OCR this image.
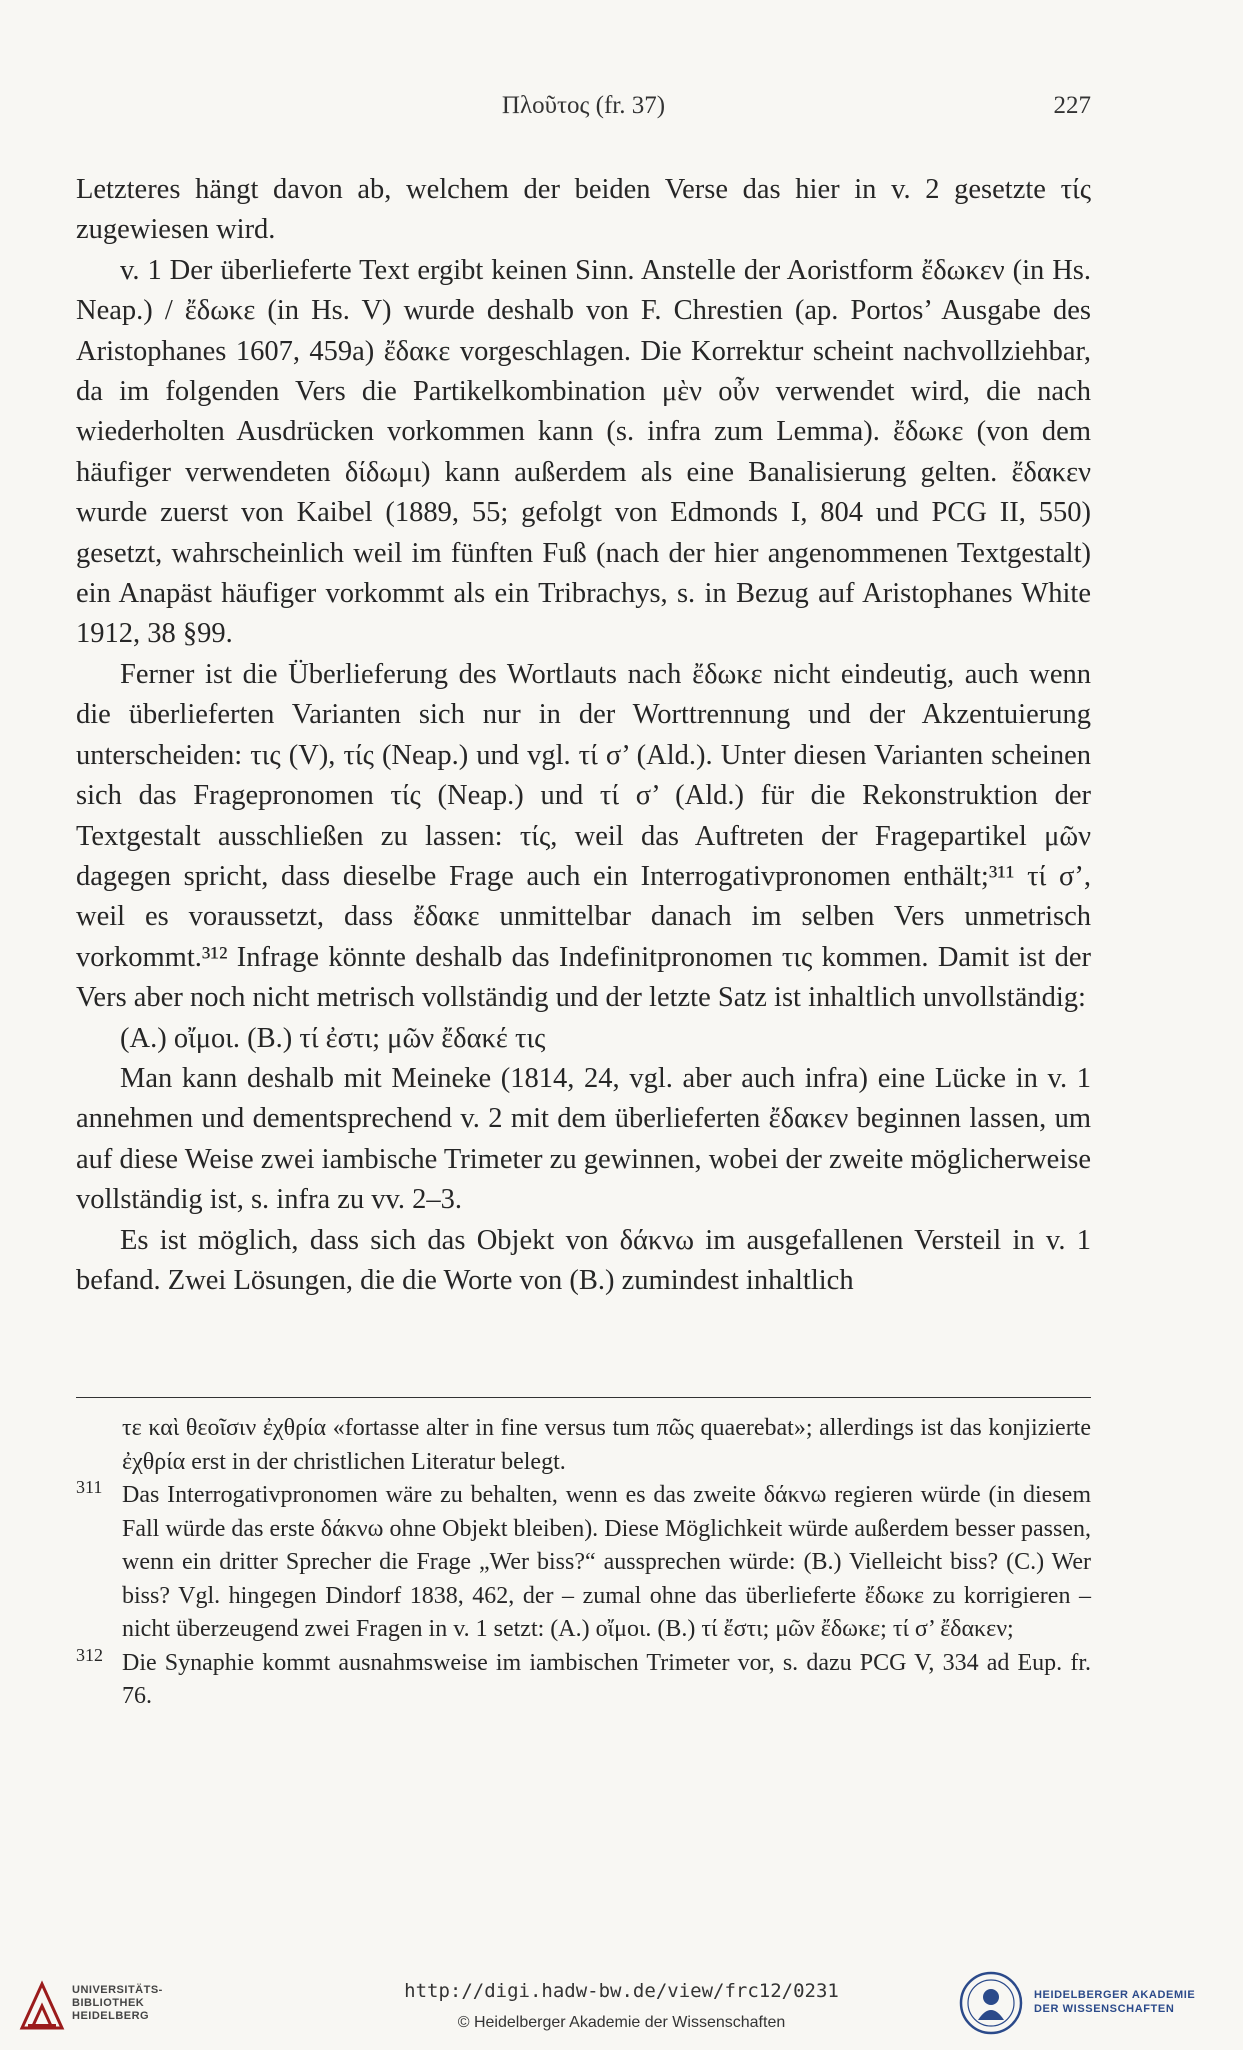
Πλοῦτος (fr. 37)	227

Letzteres hängt davon ab, welchem der beiden Verse das hier in v. 2 gesetzte τίς zugewiesen wird.

v. 1 Der überlieferte Text ergibt keinen Sinn. Anstelle der Aoristform ἔδωκεν (in Hs. Neap.) / ἔδωκε (in Hs. V) wurde deshalb von F. Chrestien (ap. Portos’ Ausgabe des Aristophanes 1607, 459a) ἔδακε vorgeschlagen. Die Korrektur scheint nachvollziehbar, da im folgenden Vers die Partikelkombination μὲν οὖν verwendet wird, die nach wiederholten Ausdrücken vorkommen kann (s. infra zum Lemma). ἔδωκε (von dem häufiger verwendeten δίδωμι) kann außerdem als eine Banalisierung gelten. ἔδακεν wurde zuerst von Kaibel (1889, 55; gefolgt von Edmonds I, 804 und PCG II, 550) gesetzt, wahrscheinlich weil im fünften Fuß (nach der hier angenommenen Textgestalt) ein Anapäst häufiger vorkommt als ein Tribrachys, s. in Bezug auf Aristophanes White 1912, 38 §99.

Ferner ist die Überlieferung des Wortlauts nach ἔδωκε nicht eindeutig, auch wenn die überlieferten Varianten sich nur in der Worttrennung und der Akzentuierung unterscheiden: τις (V), τίς (Neap.) und vgl. τί σ’ (Ald.). Unter diesen Varianten scheinen sich das Fragepronomen τίς (Neap.) und τί σ’ (Ald.) für die Rekonstruktion der Textgestalt ausschließen zu lassen: τίς, weil das Auftreten der Fragepartikel μῶν dagegen spricht, dass dieselbe Frage auch ein Interrogativpronomen enthält;³¹¹ τί σ’, weil es voraussetzt, dass ἔδακε unmittelbar danach im selben Vers unmetrisch vorkommt.³¹² Infrage könnte deshalb das Indefinitpronomen τις kommen. Damit ist der Vers aber noch nicht metrisch vollständig und der letzte Satz ist inhaltlich unvollständig:

(A.) οἴμοι. (B.) τί ἐστι; μῶν ἔδακέ τις

Man kann deshalb mit Meineke (1814, 24, vgl. aber auch infra) eine Lücke in v. 1 annehmen und dementsprechend v. 2 mit dem überlieferten ἔδακεν beginnen lassen, um auf diese Weise zwei iambische Trimeter zu gewinnen, wobei der zweite möglicherweise vollständig ist, s. infra zu vv. 2–3.

Es ist möglich, dass sich das Objekt von δάκνω im ausgefallenen Versteil in v. 1 befand. Zwei Lösungen, die die Worte von (B.) zumindest inhaltlich

τε καὶ θεοῖσιν ἐχθρία «fortasse alter in fine versus tum πῶς quaerebat»; allerdings ist das konjizierte ἐχθρία erst in der christlichen Literatur belegt.
311 Das Interrogativpronomen wäre zu behalten, wenn es das zweite δάκνω regieren würde (in diesem Fall würde das erste δάκνω ohne Objekt bleiben). Diese Möglichkeit würde außerdem besser passen, wenn ein dritter Sprecher die Frage „Wer biss?“ aussprechen würde: (B.) Vielleicht biss? (C.) Wer biss? Vgl. hingegen Dindorf 1838, 462, der – zumal ohne das überlieferte ἔδωκε zu korrigieren – nicht überzeugend zwei Fragen in v. 1 setzt: (A.) οἴμοι. (B.) τί ἔστι; μῶν ἔδωκε; τί σ’ ἔδακεν;
312 Die Synaphie kommt ausnahmsweise im iambischen Trimeter vor, s. dazu PCG V, 334 ad Eup. fr. 76.
UNIVERSITÄTS-
BIBLIOTHEK
HEIDELBERG
http://digi.hadw-bw.de/view/frc12/0231
© Heidelberger Akademie der Wissenschaften
HEIDELBERGER AKADEMIE
DER WISSENSCHAFTEN
